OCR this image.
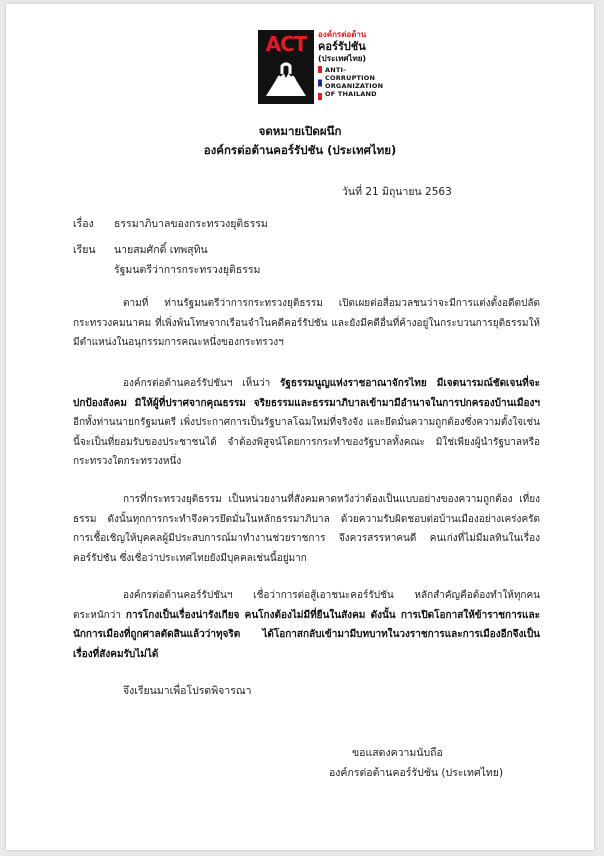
ACT	องค์กรต่อต้าน
คอร์รัปชัน
(ประเทศไทย)
ANTI-CORRUPTION
ORGANIZATION
OF THAILAND
จดหมายเปิดผนึก
องค์กรต่อต้านคอร์รัปชัน (ประเทศไทย)
วันที่ 21 มิถุนายน 2563
เรื่อง ธรรมาภิบาลของกระทรวงยุติธรรม
เรียน นายสมศักดิ์ เทพสุทิน
รัฐมนตรีว่าการกระทรวงยุติธรรม
ตามที่ ท่านรัฐมนตรีว่าการกระทรวงยุติธรรม เปิดเผยต่อสื่อมวลชนว่าจะมีการแต่งตั้งอดีตปลัดกระทรวงคมนาคม ที่เพิ่งพ้นโทษจากเรือนจำในคดีคอร์รัปชัน และยังมีคดีอื่นที่ค้างอยู่ในกระบวนการยุติธรรมให้มีตำแหน่งในอนุกรรมการคณะหนึ่งของกระทรวงฯ
องค์กรต่อต้านคอร์รัปชันฯ เห็นว่า รัฐธรรมนูญแห่งราชอาณาจักรไทย มีเจตนารมณ์ชัดเจนที่จะปกป้องสังคม มิให้ผู้ที่ปราศจากคุณธรรม จริยธรรมและธรรมาภิบาลเข้ามามีอำนาจในการปกครองบ้านเมืองฯ อีกทั้งท่านนายกรัฐมนตรี เพิ่งประกาศการเป็นรัฐบาลโฉมใหม่ที่จริงจัง และยึดมั่นความถูกต้องซึ่งความตั้งใจเช่นนี้จะเป็นที่ยอมรับของประชาชนได้ จำต้องพิสูจน์โดยการกระทำของรัฐบาลทั้งคณะ มิใช่เพียงผู้นำรัฐบาลหรือกระทรวงใดกระทรวงหนึ่ง
การที่กระทรวงยุติธรรม เป็นหน่วยงานที่สังคมคาดหวังว่าต้องเป็นแบบอย่างของความถูกต้อง เที่ยงธรรม ดังนั้นทุกการกระทำจึงควรยึดมั่นในหลักธรรมาภิบาล ด้วยความรับผิดชอบต่อบ้านเมืองอย่างเคร่งครัด การเชื้อเชิญให้บุคคลผู้มีประสบการณ์มาทำงานช่วยราชการ จึงควรสรรหาคนดี คนเก่งที่ไม่มีมลทินในเรื่องคอร์รัปชัน ซึ่งเชื่อว่าประเทศไทยยังมีบุคคลเช่นนี้อยู่มาก
องค์กรต่อต้านคอร์รัปชันฯ เชื่อว่าการต่อสู้เอาชนะคอร์รัปชัน หลักสำคัญคือต้องทำให้ทุกคนตระหนักว่า การโกงเป็นเรื่องน่ารังเกียจ คนโกงต้องไม่มีที่ยืนในสังคม ดังนั้น การเปิดโอกาสให้ข้าราชการและนักการเมืองที่ถูกศาลตัดสินแล้วว่าทุจริต ได้โอกาสกลับเข้ามามีบทบาทในวงราชการและการเมืองอีกจึงเป็นเรื่องที่สังคมรับไม่ได้
จึงเรียนมาเพื่อโปรดพิจารณา
ขอแสดงความนับถือ
องค์กรต่อต้านคอร์รัปชัน (ประเทศไทย)
